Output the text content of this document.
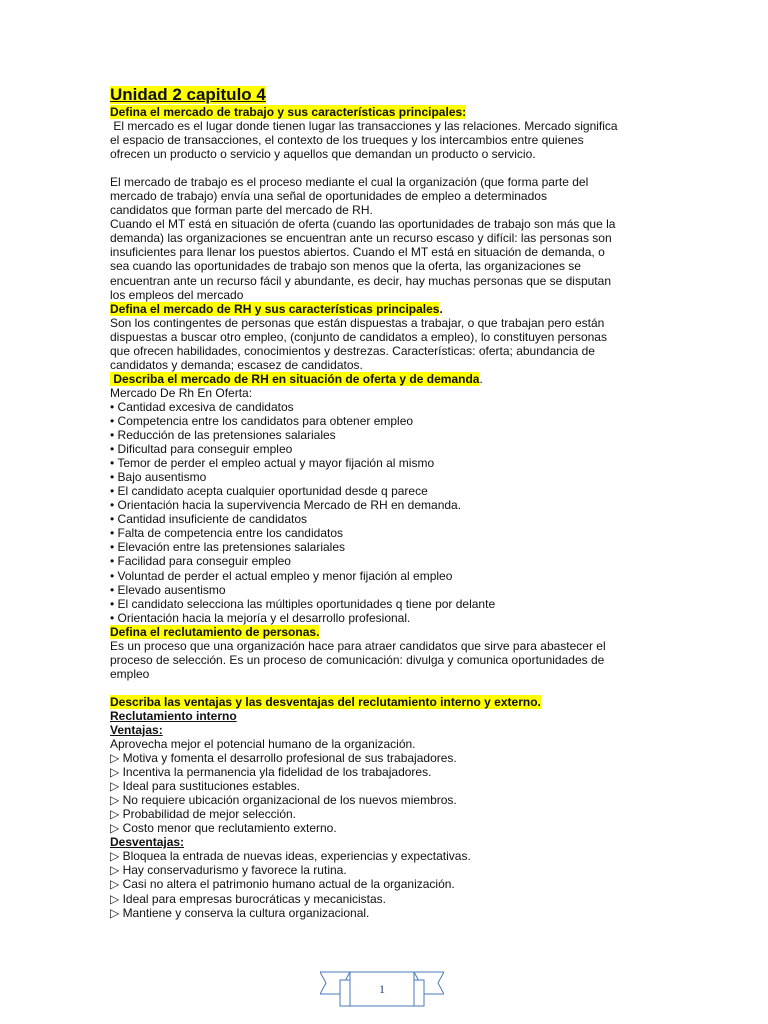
Unidad 2 capitulo 4

Defina el mercado de trabajo y sus características principales:

El mercado es el lugar donde tienen lugar las transacciones y las relaciones. Mercado significa

el espacio de transacciones, el contexto de los trueques y los intercambios entre quienes

ofrecen un producto o servicio y aquellos que demandan un producto o servicio.

El mercado de trabajo es el proceso mediante el cual la organización (que forma parte del

mercado de trabajo) envía una señal de oportunidades de empleo a determinados

candidatos que forman parte del mercado de RH.

Cuando el MT está en situación de oferta (cuando las oportunidades de trabajo son más que la

demanda) las organizaciones se encuentran ante un recurso escaso y difícil: las personas son

insuficientes para llenar los puestos abiertos. Cuando el MT está en situación de demanda, o

sea cuando las oportunidades de trabajo son menos que la oferta, las organizaciones se

encuentran ante un recurso fácil y abundante, es decir, hay muchas personas que se disputan

los empleos del mercado

Defina el mercado de RH y sus características principales.

Son los contingentes de personas que están dispuestas a trabajar, o que trabajan pero están

dispuestas a buscar otro empleo, (conjunto de candidatos a empleo), lo constituyen personas

que ofrecen habilidades, conocimientos y destrezas. Características: oferta; abundancia de

candidatos y demanda; escasez de candidatos.

Describa el mercado de RH en situación de oferta y de demanda.

Mercado De Rh En Oferta:

• Cantidad excesiva de candidatos

• Competencia entre los candidatos para obtener empleo

• Reducción de las pretensiones salariales

• Dificultad para conseguir empleo

• Temor de perder el empleo actual y mayor fijación al mismo

• Bajo ausentismo

• El candidato acepta cualquier oportunidad desde q parece

• Orientación hacia la supervivencia Mercado de RH en demanda.

• Cantidad insuficiente de candidatos

• Falta de competencia entre los candidatos

• Elevación entre las pretensiones salariales

• Facilidad para conseguir empleo

• Voluntad de perder el actual empleo y menor fijación al empleo

• Elevado ausentismo

• El candidato selecciona las múltiples oportunidades q tiene por delante

• Orientación hacia la mejoría y el desarrollo profesional.

Defina el reclutamiento de personas.

Es un proceso que una organización hace para atraer candidatos que sirve para abastecer el

proceso de selección. Es un proceso de comunicación: divulga y comunica oportunidades de

empleo

Describa las ventajas y las desventajas del reclutamiento interno y externo.

Reclutamiento interno

Ventajas:

Aprovecha mejor el potencial humano de la organización.

▷ Motiva y fomenta el desarrollo profesional de sus trabajadores.

▷ Incentiva la permanencia yla fidelidad de los trabajadores.

▷ Ideal para sustituciones estables.

▷ No requiere ubicación organizacional de los nuevos miembros.

▷ Probabilidad de mejor selección.

▷ Costo menor que reclutamiento externo.

Desventajas:

▷ Bloquea la entrada de nuevas ideas, experiencias y expectativas.

▷ Hay conservadurismo y favorece la rutina.

▷ Casi no altera el patrimonio humano actual de la organización.

▷ Ideal para empresas burocráticas y mecanicistas.

▷ Mantiene y conserva la cultura organizacional.

1
